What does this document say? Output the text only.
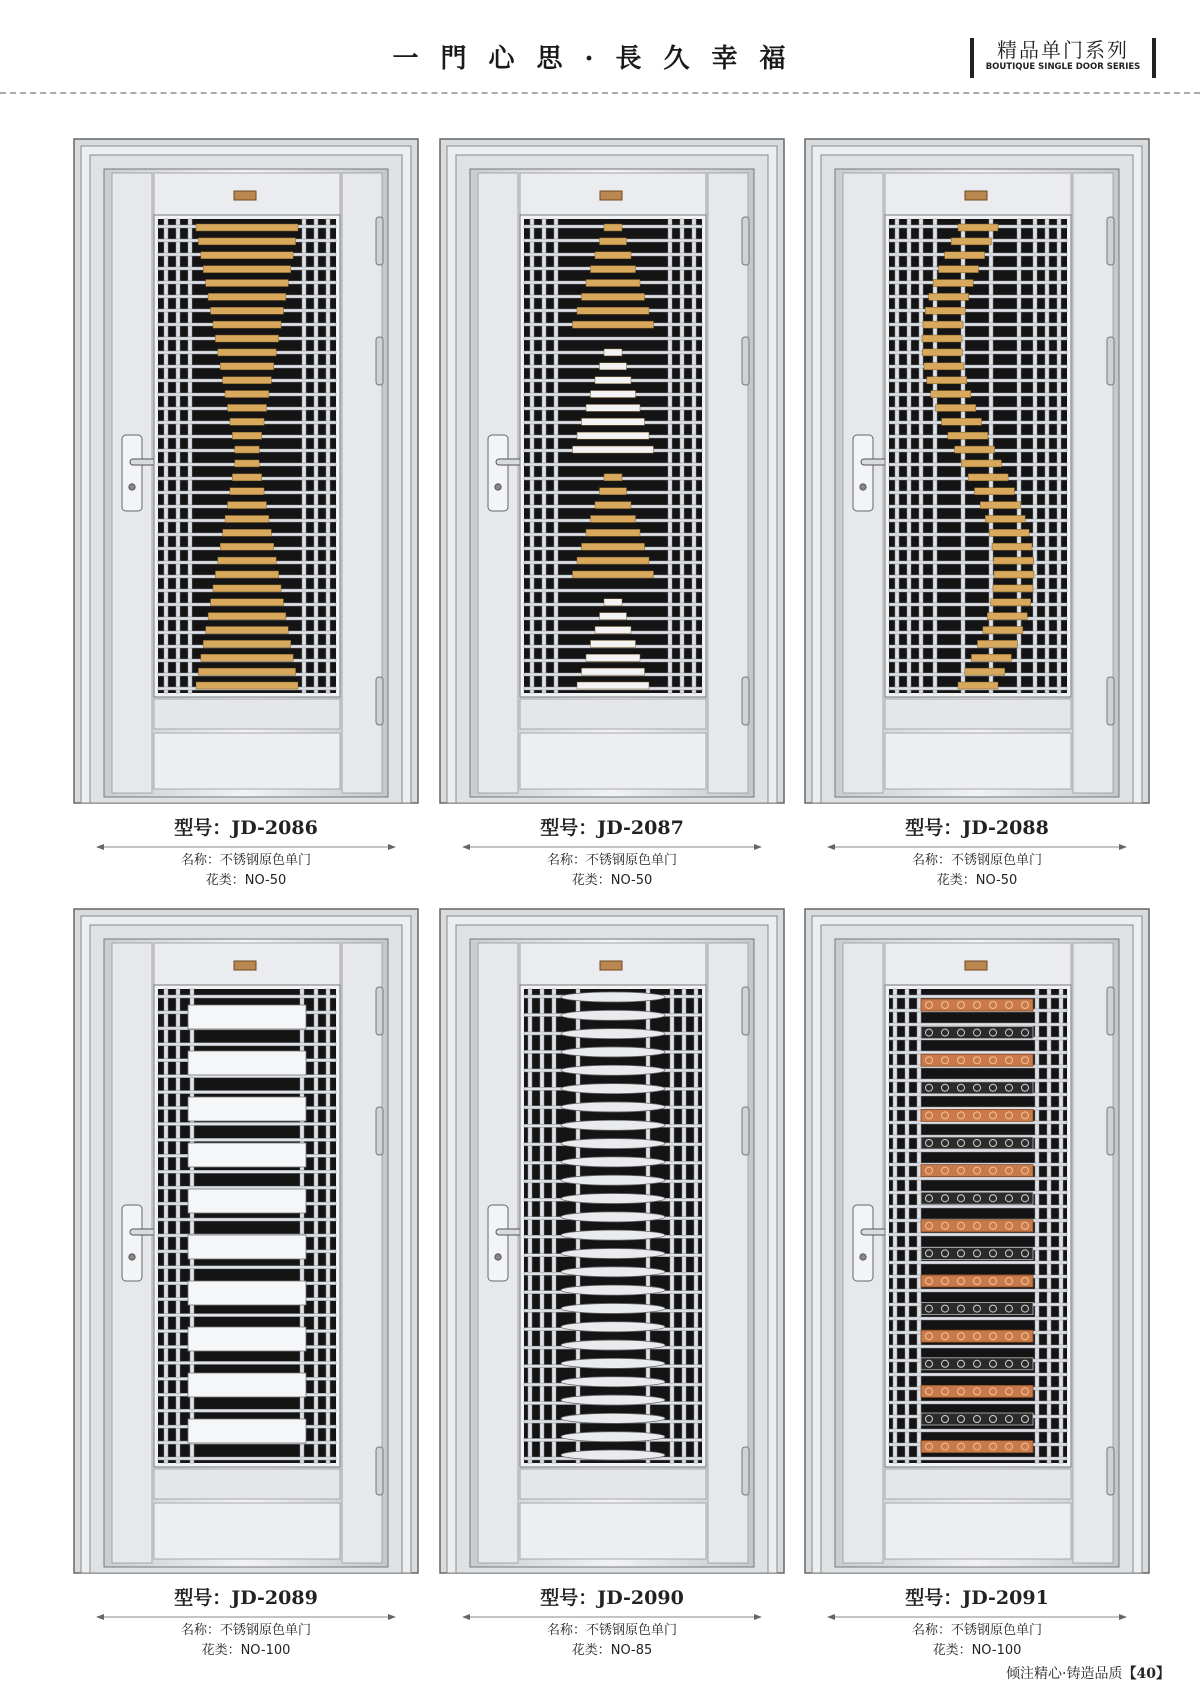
一門心思·長久幸福	精品单门系列
BOUTIQUE SINGLE DOOR SERIES
型号：JD-2086
名称：不锈钢原色单门
花类：NO-50
型号：JD-2087
名称：不锈钢原色单门
花类：NO-50
型号：JD-2088
名称：不锈钢原色单门
花类：NO-50
型号：JD-2089
名称：不锈钢原色单门
花类：NO-100
型号：JD-2090
名称：不锈钢原色单门
花类：NO-85
型号：JD-2091
名称：不锈钢原色单门
花类：NO-100
倾注精心·铸造品质【40】
